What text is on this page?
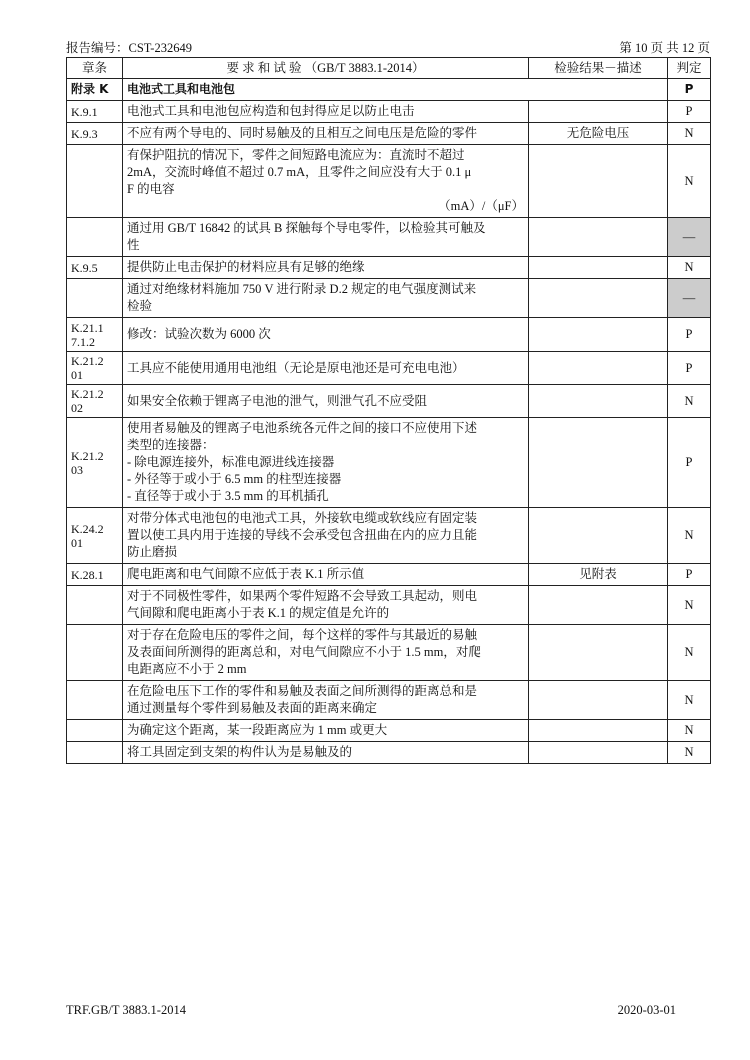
报告编号：CST-232649	第 10 页 共 12 页
章条	要 求 和 试 验 （GB/T 3883.1-2014）	检验结果－描述	判定
附录 K	电池式工具和电池包		P
K.9.1	电池式工具和电池包应构造和包封得应足以防止电击		P
K.9.3	不应有两个导电的、同时易触及的且相互之间电压是危险的零件	无危险电压	N

	有保护阻抗的情况下，零件之间短路电流应为：直流时不超过
2mA，交流时峰值不超过 0.7 mA，且零件之间应没有大于 0.1 μ
F 的电容
（mA）/（μF）		N

	通过用 GB/T 16842 的试具 B 探触每个导电零件，以检验其可触及
性		—
K.9.5	提供防止电击保护的材料应具有足够的绝缘		N

	通过对绝缘材料施加 750 V 进行附录 D.2 规定的电气强度测试来
检验		—
K.21.1
7.1.2	修改：试验次数为 6000 次		P
K.21.2
01	工具应不能使用通用电池组（无论是原电池还是可充电电池）		P
K.21.2
02	如果安全依赖于锂离子电池的泄气，则泄气孔不应受阻		N
K.21.2
03	使用者易触及的锂离子电池系统各元件之间的接口不应使用下述
类型的连接器：
- 除电源连接外，标准电源进线连接器
- 外径等于或小于 6.5 mm 的柱型连接器
- 直径等于或小于 3.5 mm 的耳机插孔		P
K.24.2
01	对带分体式电池包的电池式工具，外接软电缆或软线应有固定装
置以使工具内用于连接的导线不会承受包含扭曲在内的应力且能
防止磨损		N
K.28.1	爬电距离和电气间隙不应低于表 K.1 所示值	见附表	P

	对于不同极性零件，如果两个零件短路不会导致工具起动，则电
气间隙和爬电距离小于表 K.1 的规定值是允许的		N

	对于存在危险电压的零件之间，每个这样的零件与其最近的易触
及表面间所测得的距离总和，对电气间隙应不小于 1.5 mm，对爬
电距离应不小于 2 mm		N

	在危险电压下工作的零件和易触及表面之间所测得的距离总和是
通过测量每个零件到易触及表面的距离来确定		N

	为确定这个距离，某一段距离应为 1 mm 或更大		N

	将工具固定到支架的构件认为是易触及的		N
TRF.GB/T 3883.1-2014	2020-03-01
